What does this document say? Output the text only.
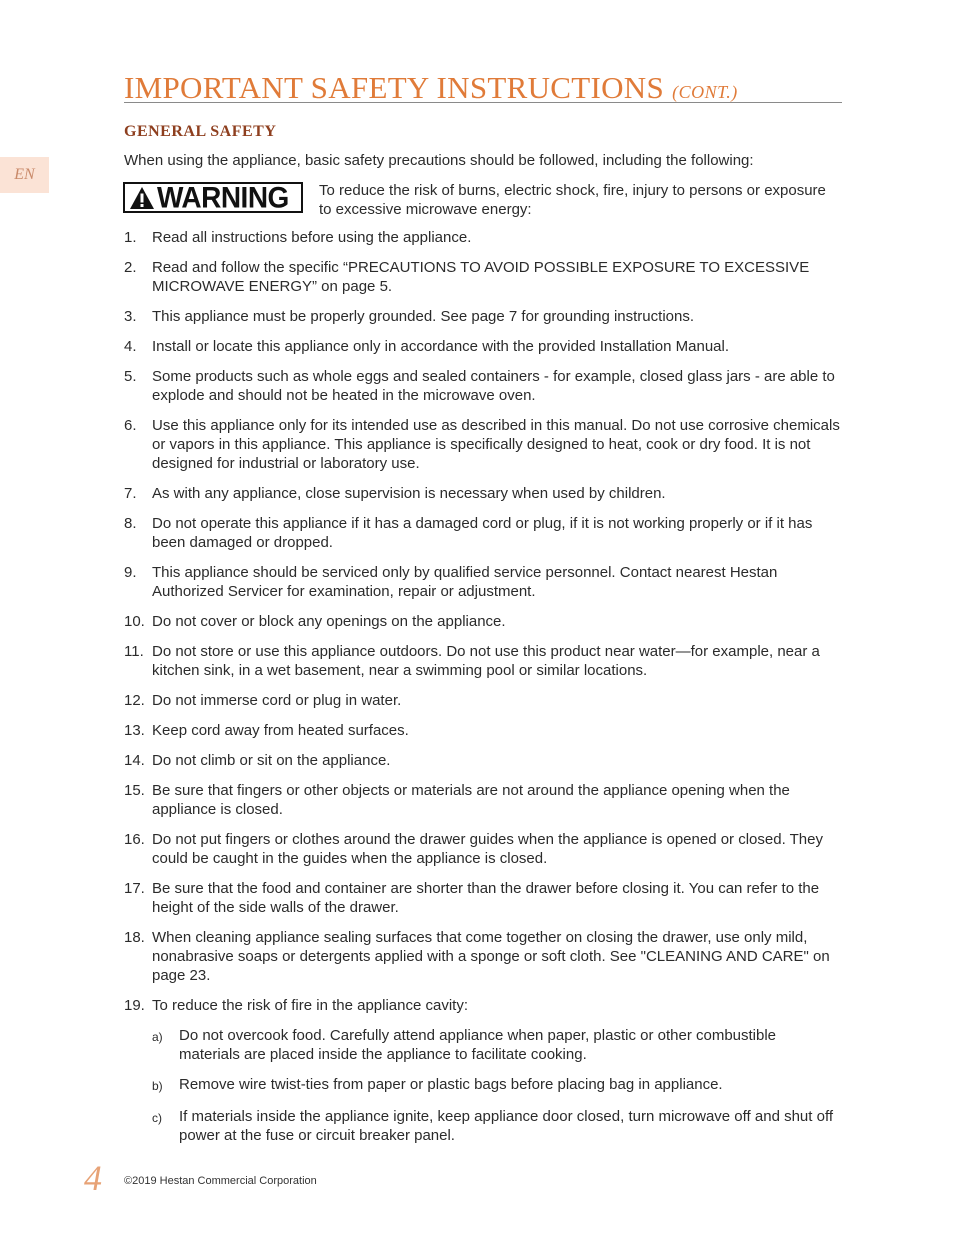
EN
IMPORTANT SAFETY INSTRUCTIONS (CONT.)
GENERAL SAFETY
When using the appliance, basic safety precautions should be followed, including the following:
WARNING To reduce the risk of burns, electric shock, fire, injury to persons or exposure to excessive microwave energy:
1.	Read all instructions before using the appliance.
2.	Read and follow the specific “PRECAUTIONS TO AVOID POSSIBLE EXPOSURE TO EXCESSIVE MICROWAVE ENERGY” on page 5.
3.	This appliance must be properly grounded. See page 7 for grounding instructions.
4.	Install or locate this appliance only in accordance with the provided Installation Manual.
5.	Some products such as whole eggs and sealed containers - for example, closed glass jars - are able to explode and should not be heated in the microwave oven.
6.	Use this appliance only for its intended use as described in this manual. Do not use corrosive chemicals or vapors in this appliance. This appliance is specifically designed to heat, cook or dry food. It is not designed for industrial or laboratory use.
7.	As with any appliance, close supervision is necessary when used by children.
8.	Do not operate this appliance if it has a damaged cord or plug, if it is not working properly or if it has been damaged or dropped.
9.	This appliance should be serviced only by qualified service personnel. Contact nearest Hestan Authorized Servicer for examination, repair or adjustment.
10. Do not cover or block any openings on the appliance.
11. Do not store or use this appliance outdoors. Do not use this product near water—for example, near a kitchen sink, in a wet basement, near a swimming pool or similar locations.
12. Do not immerse cord or plug in water.
13. Keep cord away from heated surfaces.
14. Do not climb or sit on the appliance.
15. Be sure that fingers or other objects or materials are not around the appliance opening when the appliance is closed.
16. Do not put fingers or clothes around the drawer guides when the appliance is opened or closed. They could be caught in the guides when the appliance is closed.
17. Be sure that the food and container are shorter than the drawer before closing it. You can refer to the height of the side walls of the drawer.
18. When cleaning appliance sealing surfaces that come together on closing the drawer, use only mild, nonabrasive soaps or detergents applied with a sponge or soft cloth. See "CLEANING AND CARE" on page 23.
19. To reduce the risk of fire in the appliance cavity:
a)	Do not overcook food. Carefully attend appliance when paper, plastic or other combustible materials are placed inside the appliance to facilitate cooking.
b)	Remove wire twist-ties from paper or plastic bags before placing bag in appliance.
c)	If materials inside the appliance ignite, keep appliance door closed, turn microwave off and shut off power at the fuse or circuit breaker panel.
4 ©2019 Hestan Commercial Corporation
